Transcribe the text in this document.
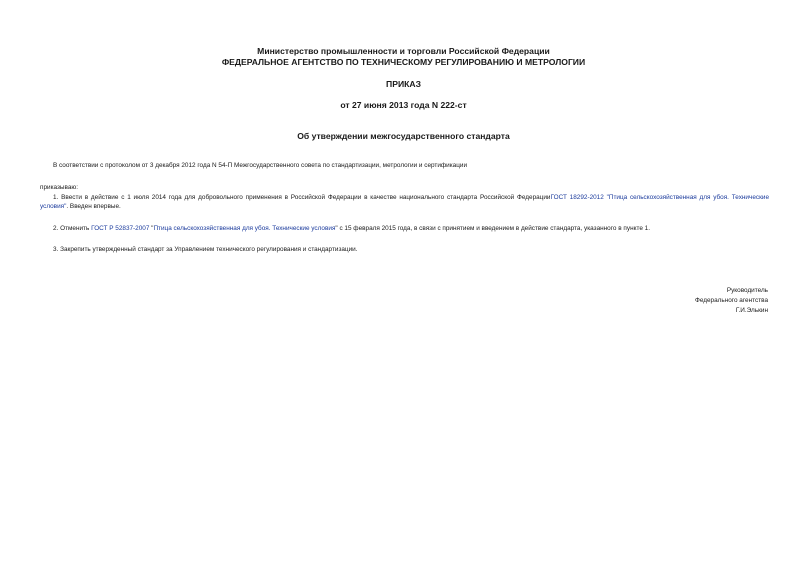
Министерство промышленности и торговли Российской Федерации
ФЕДЕРАЛЬНОЕ АГЕНТСТВО ПО ТЕХНИЧЕСКОМУ РЕГУЛИРОВАНИЮ И МЕТРОЛОГИИ
ПРИКАЗ
от 27 июня 2013 года N 222-ст
Об утверждении межгосударственного стандарта
В соответствии с протоколом от 3 декабря 2012 года N 54-П Межгосударственного совета по стандартизации, метрологии и сертификации
приказываю:
1. Ввести в действие с 1 июля 2014 года для добровольного применения в Российской Федерации в качестве национального стандарта Российской ФедерацииГОСТ 18292-2012 "Птица сельскохозяйственная для убоя. Технические условия". Введен впервые.
2. Отменить ГОСТ Р 52837-2007 "Птица сельскохозяйственная для убоя. Технические условия" с 15 февраля 2015 года, в связи с принятием и введением в действие стандарта, указанного в пункте 1.
3. Закрепить утвержденный стандарт за Управлением технического регулирования и стандартизации.
Руководитель
Федерального агентства
Г.И.Элькин
